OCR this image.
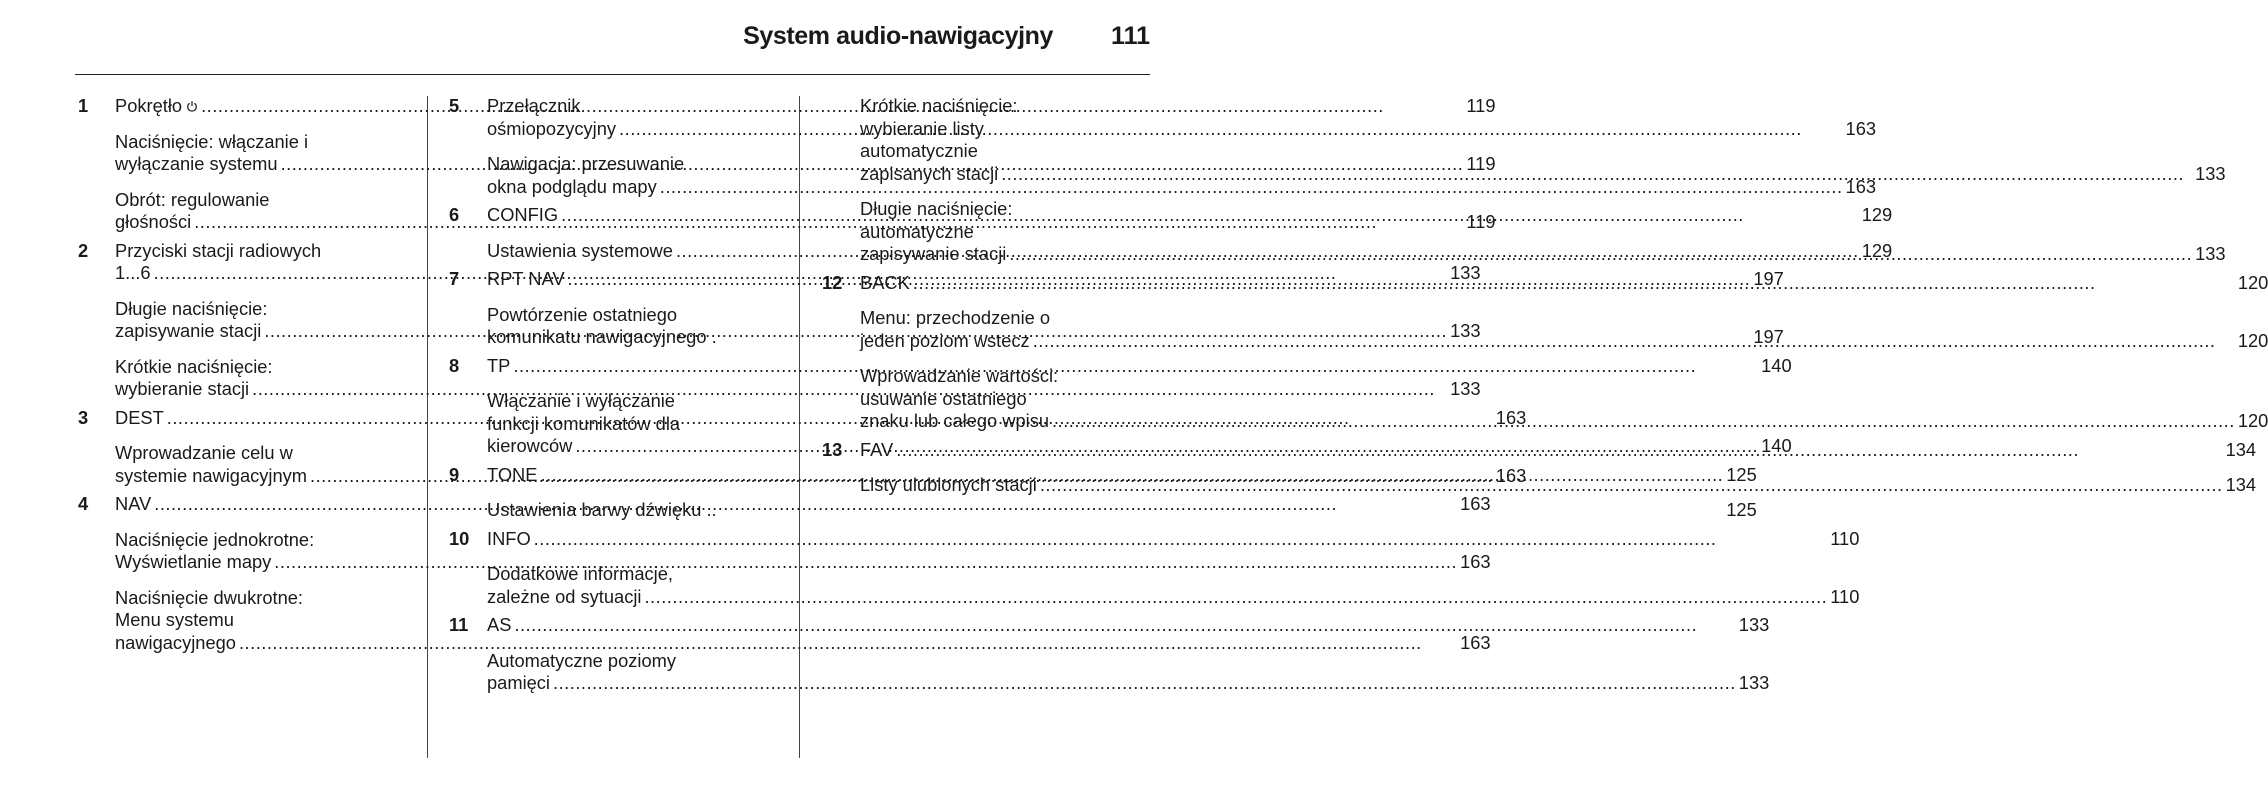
System audio-nawigacyjny 111
1	Pokrętło .....	119
Naciśnięcie: włączanie i
wyłączanie systemu .....	119
Obrót: regulowanie
głośności .....	119
2	Przyciski stacji radiowych
1...6 .....	133
Długie naciśnięcie:
zapisywanie stacji .....	133
Krótkie naciśnięcie:
wybieranie stacji .....	133
3	DEST .....	163
Wprowadzanie celu w
systemie nawigacyjnym .....	163
4	NAV .....	163
Naciśnięcie jednokrotne:
Wyświetlanie mapy .....	163
Naciśnięcie dwukrotne:
Menu systemu
nawigacyjnego .....	163
5	Przełącznik
ośmiopozycyjny .....	163
Nawigacja: przesuwanie
okna podglądu mapy .....	163
6	CONFIG .....	129
Ustawienia systemowe .....	129
7	RPT NAV .....	197
Powtórzenie ostatniego
komunikatu nawigacyjnego .	197
8	TP .....	140
Włączanie i wyłączanie
funkcji komunikatów dla
kierowców .....	140
9	TONE .....	125
Ustawienia barwy dźwięku ..	125
10 INFO .....	110
Dodatkowe informacje,
zależne od sytuacji .....	110
11	AS .....	133
Automatyczne poziomy
pamięci .....	133
Krótkie naciśnięcie:
wybieranie listy
automatycznie
zapisanych stacji .....	133
Długie naciśnięcie:
automatyczne
zapisywanie stacji .....	133
12 BACK .....	120
Menu: przechodzenie o
jeden poziom wstecz .....	120
Wprowadzanie wartości:
usuwanie ostatniego
znaku lub całego wpisu .....	120
13 FAV .....	134
Listy ulubionych stacji .....	134
